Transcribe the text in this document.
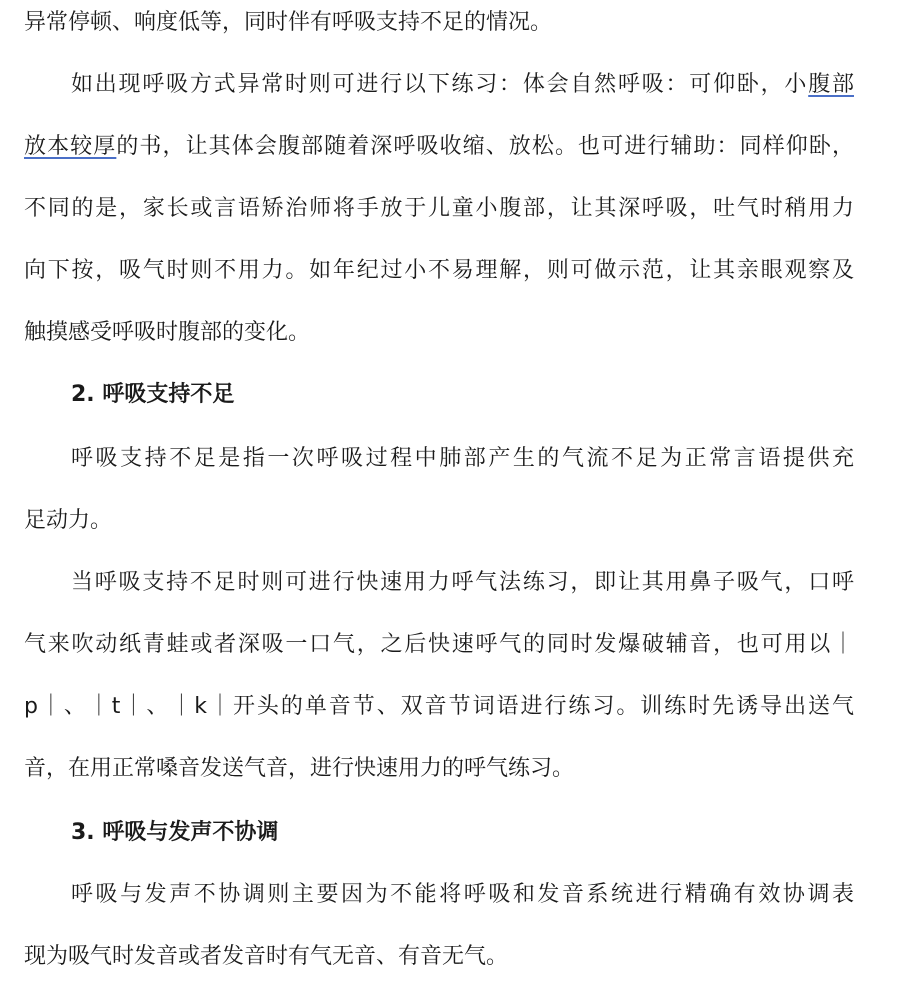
异常停顿、响度低等，同时伴有呼吸支持不足的情况。
如出现呼吸方式异常时则可进行以下练习：体会自然呼吸：可仰卧，小腹部
放本较厚的书，让其体会腹部随着深呼吸收缩、放松。也可进行辅助：同样仰卧，
不同的是，家长或言语矫治师将手放于儿童小腹部，让其深呼吸，吐气时稍用力
向下按，吸气时则不用力。如年纪过小不易理解，则可做示范，让其亲眼观察及
触摸感受呼吸时腹部的变化。
2. 呼吸支持不足
呼吸支持不足是指一次呼吸过程中肺部产生的气流不足为正常言语提供充
足动力。
当呼吸支持不足时则可进行快速用力呼气法练习，即让其用鼻子吸气，口呼
气来吹动纸青蛙或者深吸一口气，之后快速呼气的同时发爆破辅音，也可用以｜
p｜、｜t｜、｜k｜开头的单音节、双音节词语进行练习。训练时先诱导出送气
音，在用正常嗓音发送气音，进行快速用力的呼气练习。
3. 呼吸与发声不协调
呼吸与发声不协调则主要因为不能将呼吸和发音系统进行精确有效协调表
现为吸气时发音或者发音时有气无音、有音无气。
